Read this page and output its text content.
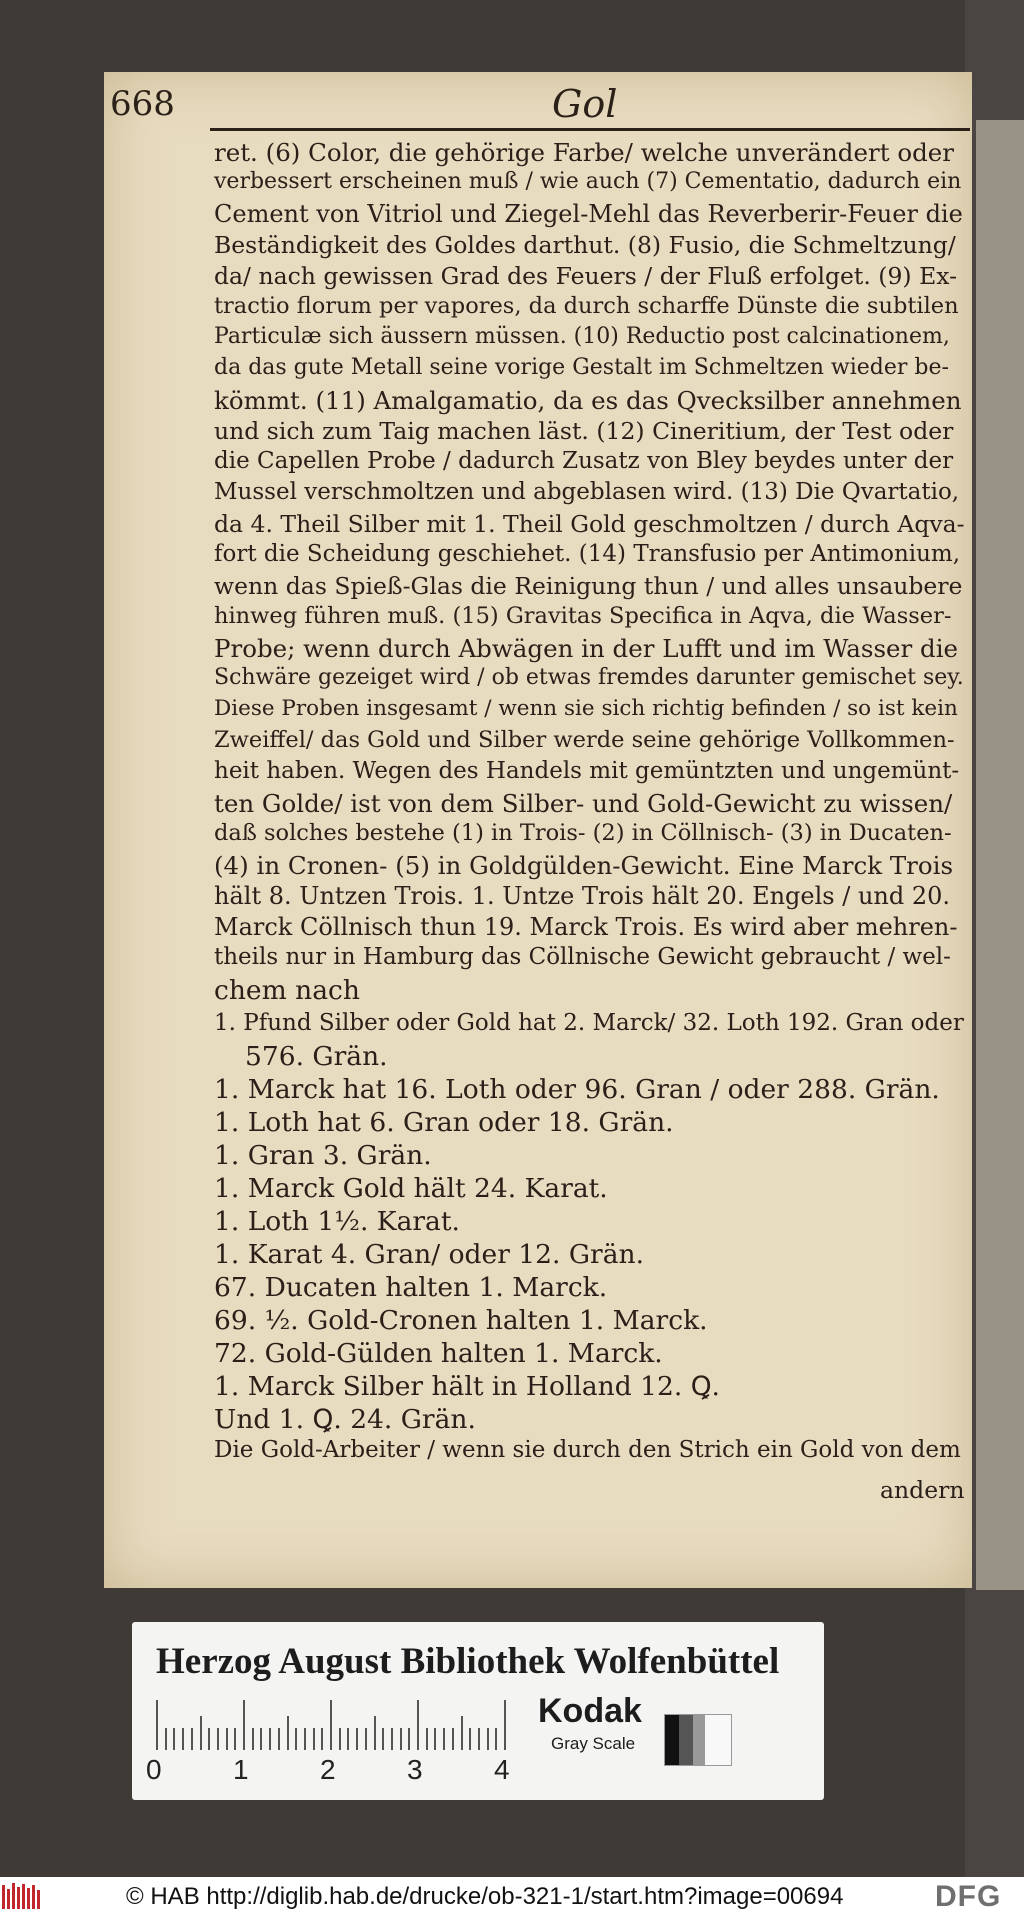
668	Gol
ret. (6) Color, die gehörige Farbe/ welche unverändert oder
verbessert erscheinen muß / wie auch (7) Cementatio, dadurch ein
Cement von Vitriol und Ziegel-Mehl das Reverberir-Feuer die
Beständigkeit des Goldes darthut. (8) Fusio, die Schmeltzung/
da/ nach gewissen Grad des Feuers / der Fluß erfolget. (9) Ex-
tractio florum per vapores, da durch scharffe Dünste die subtilen
Particulæ sich äussern müssen. (10) Reductio post calcinationem,
da das gute Metall seine vorige Gestalt im Schmeltzen wieder be-
kömmt. (11) Amalgamatio, da es das Qvecksilber annehmen
und sich zum Taig machen läst. (12) Cineritium, der Test oder
die Capellen Probe / dadurch Zusatz von Bley beydes unter der
Mussel verschmoltzen und abgeblasen wird. (13) Die Qvartatio,
da 4. Theil Silber mit 1. Theil Gold geschmoltzen / durch Aqva-
fort die Scheidung geschiehet. (14) Transfusio per Antimonium,
wenn das Spieß-Glas die Reinigung thun / und alles unsaubere
hinweg führen muß. (15) Gravitas Specifica in Aqva, die Wasser-
Probe; wenn durch Abwägen in der Lufft und im Wasser die
Schwäre gezeiget wird / ob etwas fremdes darunter gemischet sey.
Diese Proben insgesamt / wenn sie sich richtig befinden / so ist kein
Zweiffel/ das Gold und Silber werde seine gehörige Vollkommen-
heit haben. Wegen des Handels mit gemüntzten und ungemünt-
ten Golde/ ist von dem Silber- und Gold-Gewicht zu wissen/
daß solches bestehe (1) in Trois- (2) in Cöllnisch- (3) in Ducaten-
(4) in Cronen- (5) in Goldgülden-Gewicht. Eine Marck Trois
hält 8. Untzen Trois. 1. Untze Trois hält 20. Engels / und 20.
Marck Cöllnisch thun 19. Marck Trois. Es wird aber mehren-
theils nur in Hamburg das Cöllnische Gewicht gebraucht / wel-
chem nach
1. Pfund Silber oder Gold hat 2. Marck/ 32. Loth 192. Gran oder
576. Grän.
1. Marck hat 16. Loth oder 96. Gran / oder 288. Grän.
1. Loth hat 6. Gran oder 18. Grän.
1. Gran 3. Grän.
1. Marck Gold hält 24. Karat.
1. Loth 1½. Karat.
1. Karat 4. Gran/ oder 12. Grän.
67. Ducaten halten 1. Marck.
69. ½. Gold-Cronen halten 1. Marck.
72. Gold-Gülden halten 1. Marck.
1. Marck Silber hält in Holland 12. Ꝗ.
Und 1. Ꝗ. 24. Grän.
Die Gold-Arbeiter / wenn sie durch den Strich ein Gold von dem
andern
Herzog August Bibliothek Wolfenbüttel
0	1	2	3	4
Kodak
Gray Scale
© HAB http://diglib.hab.de/drucke/ob-321-1/start.htm?image=00694	DFG
